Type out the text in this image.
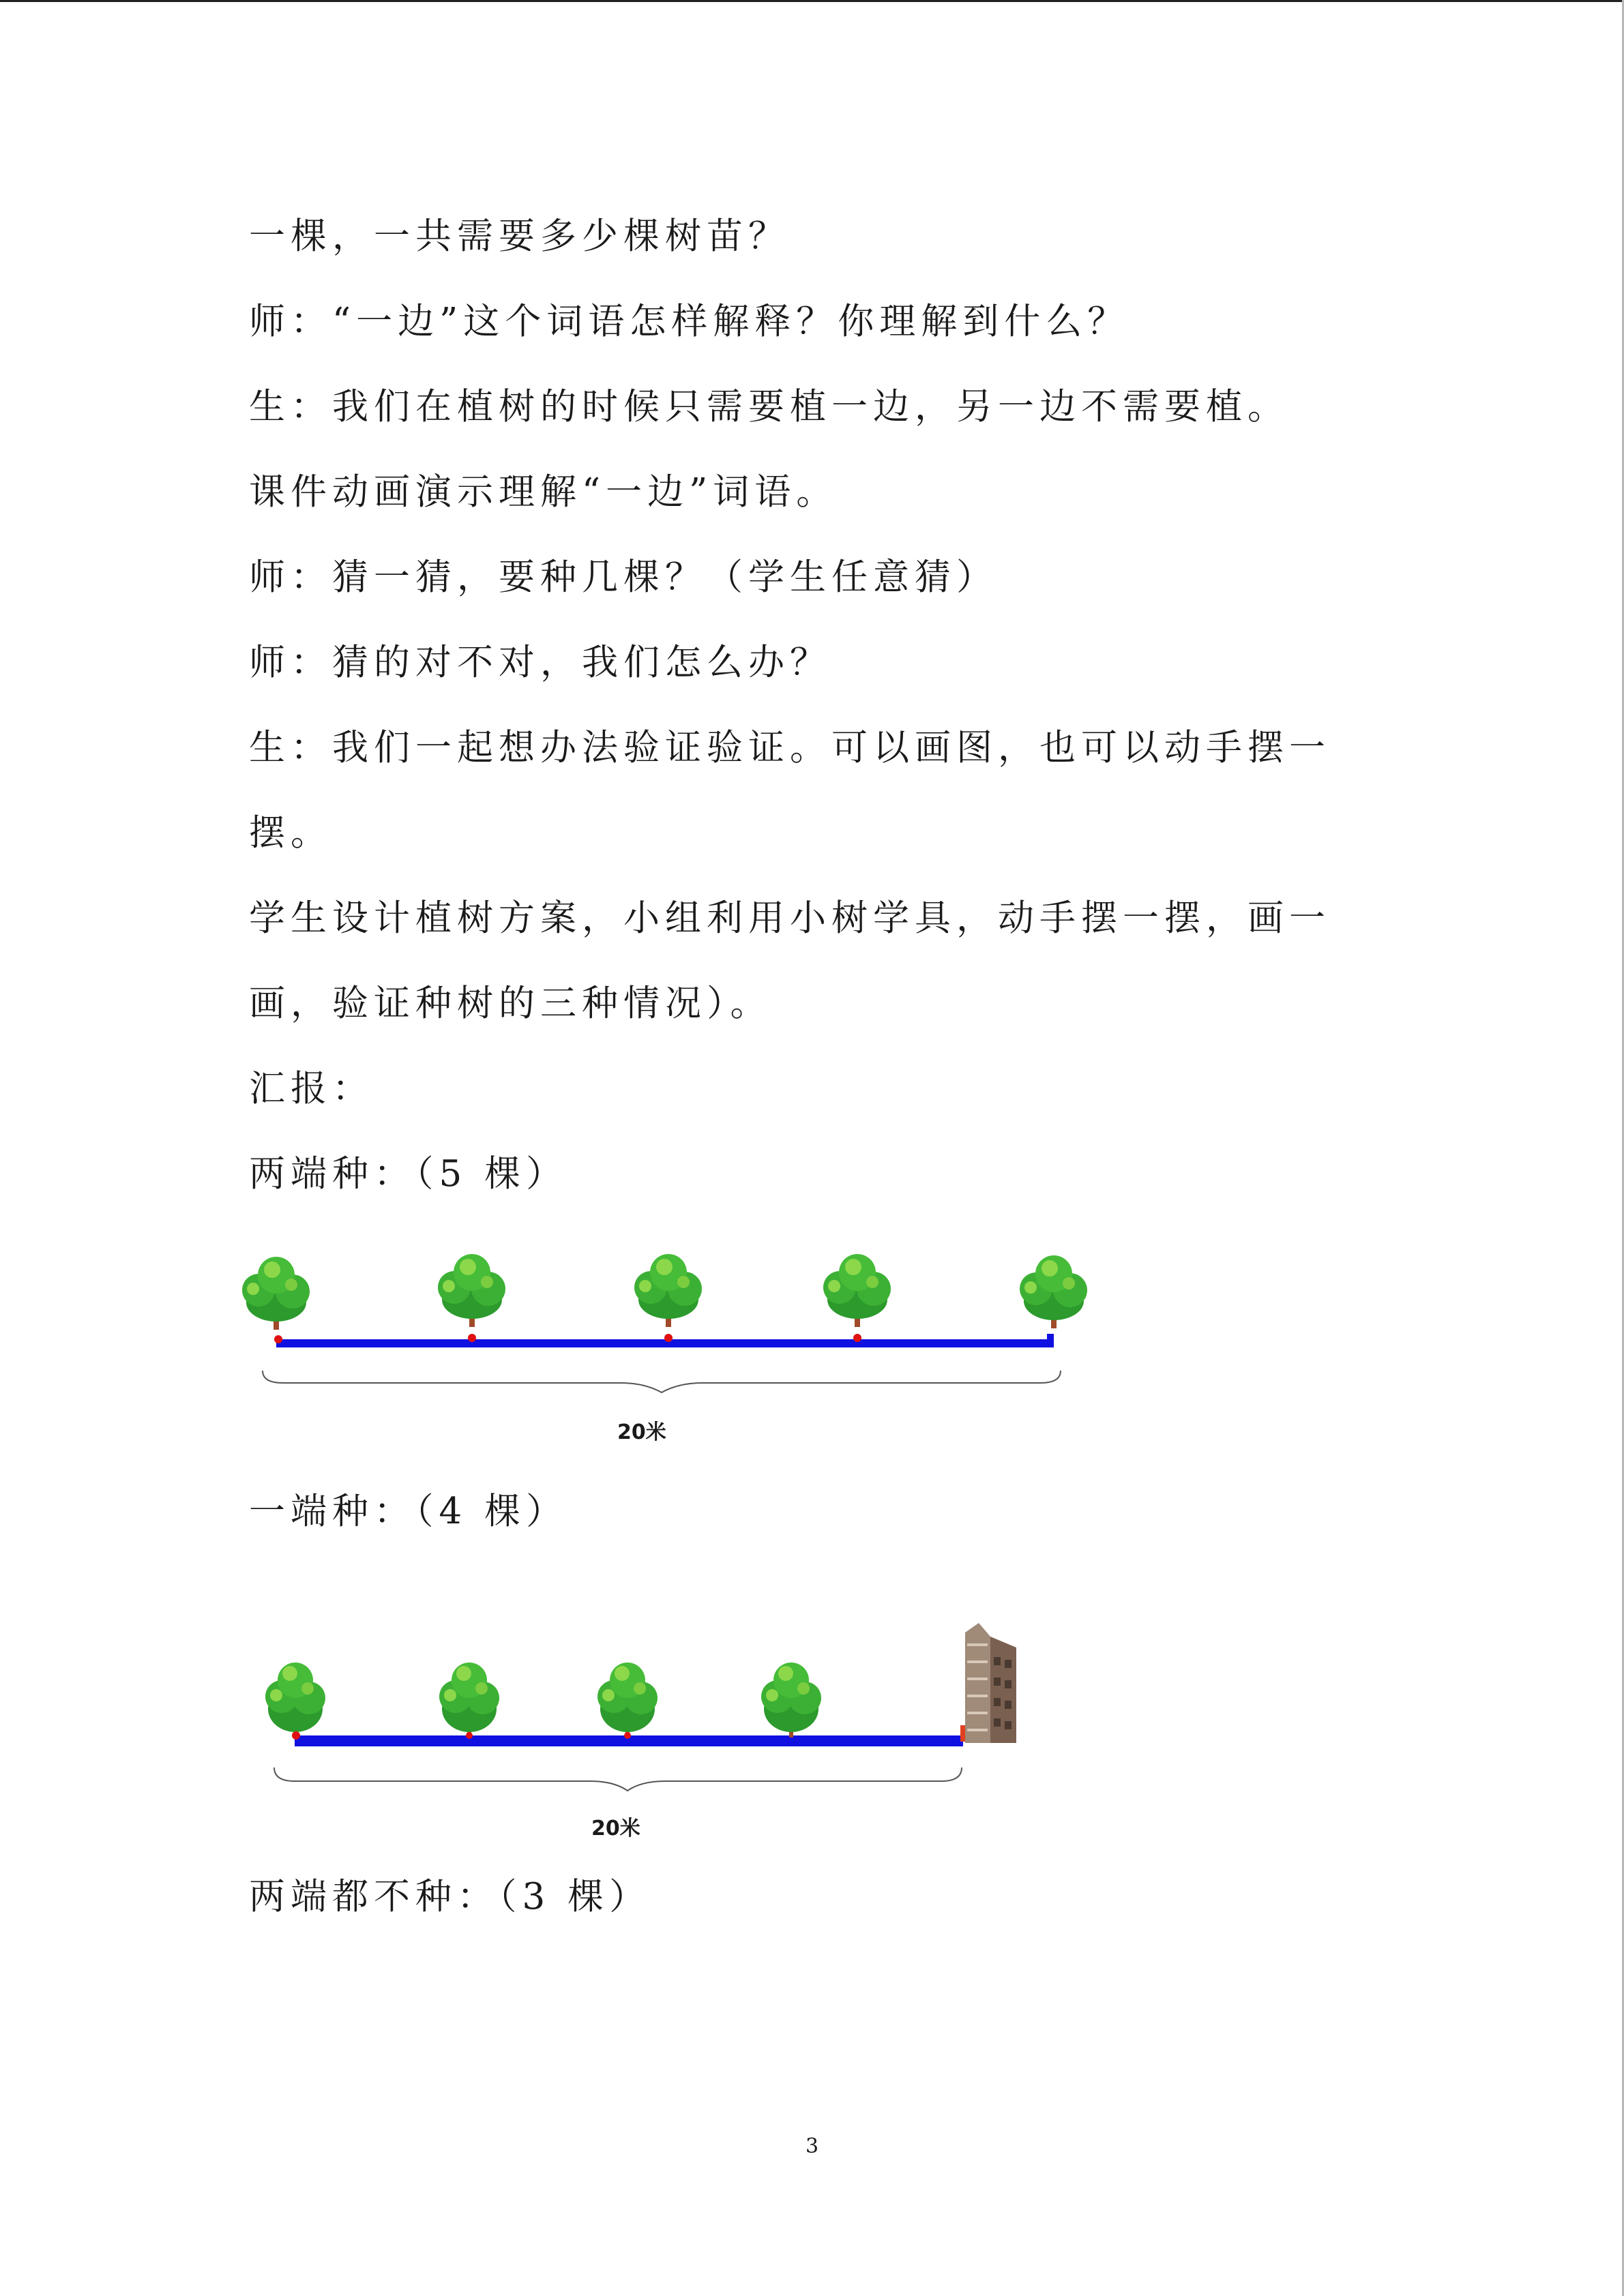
一棵，一共需要多少棵树苗？
师：“一边”这个词语怎样解释？你理解到什么？
生：我们在植树的时候只需要植一边，另一边不需要植。
课件动画演示理解“一边”词语。
师：猜一猜，要种几棵？（学生任意猜）
师：猜的对不对，我们怎么办？
生：我们一起想办法验证验证。可以画图，也可以动手摆一
摆。
学生设计植树方案，小组利用小树学具，动手摆一摆，画一
画，验证种树的三种情况）。
汇报：
两端种：（5 棵）
20米
一端种：（4 棵）
20米
两端都不种：（3 棵）
3
